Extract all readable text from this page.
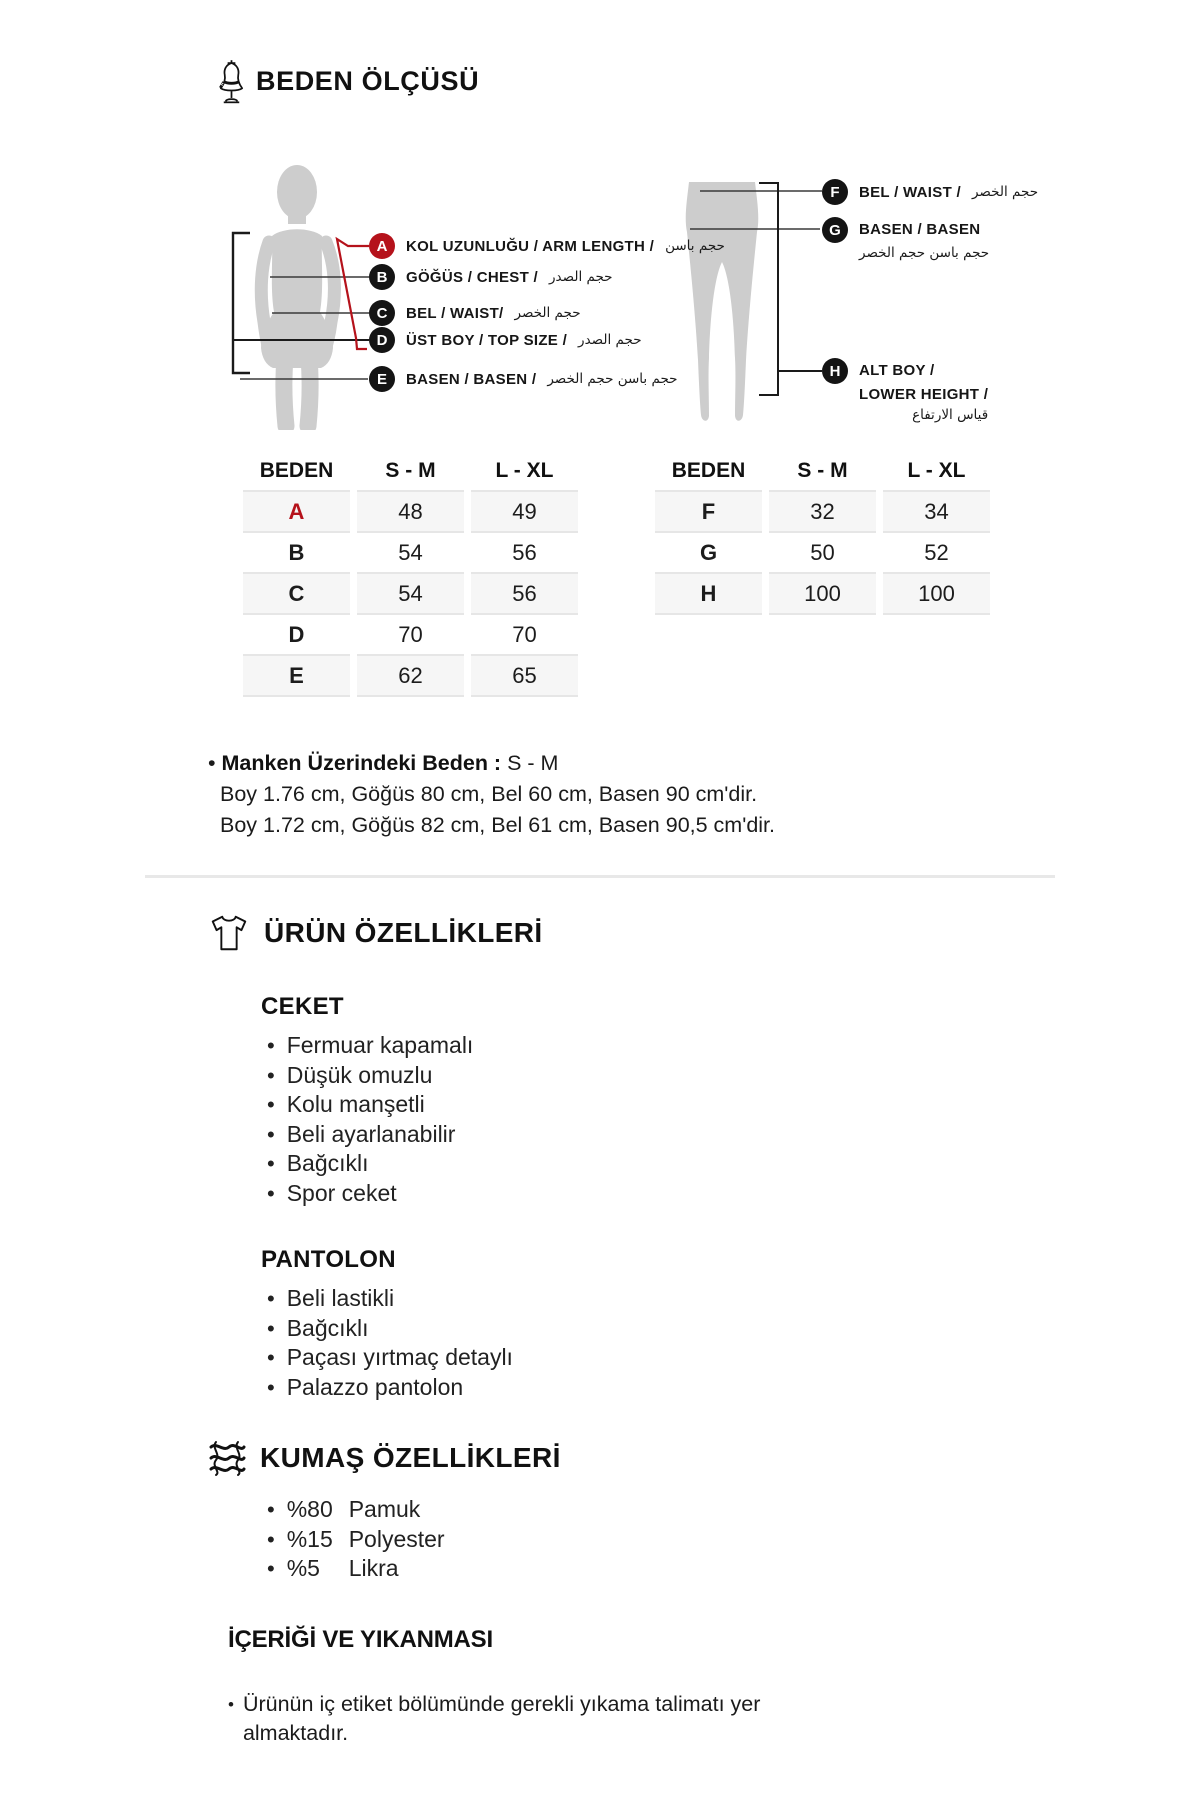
BEDEN ÖLÇÜSÜ
A	KOL UZUNLUĞU / ARM LENGTH / حجم باسن
B	GÖĞÜS / CHEST / حجم الصدر
C	BEL / WAIST/ حجم الخصر
D	ÜST BOY / TOP SIZE / حجم الصدر
E	BASEN / BASEN / حجم باسن حجم الخصر
F	BEL / WAIST / حجم الخصر
G	BASEN / BASEN
حجم باسن حجم الخصر
H	ALT BOY /
LOWER HEIGHT /
قياس الارتفاع
BEDEN	S - M	L - XL
A	48	49
B	54	56
C	54	56
D	70	70
E	62	65
BEDEN	S - M	L - XL
F	32	34
G	50	52
H	100	100

• Manken Üzerindeki Beden : S - M

Boy 1.76 cm, Göğüs 80 cm, Bel 60 cm, Basen 90 cm'dir.

Boy 1.72 cm, Göğüs 82 cm, Bel 61 cm, Basen 90,5 cm'dir.

ÜRÜN ÖZELLİKLERİ
CEKET
• Fermuar kapamalı
• Düşük omuzlu
• Kolu manşetli
• Beli ayarlanabilir
• Bağcıklı
• Spor ceket
PANTOLON
• Beli lastikli
• Bağcıklı
• Paçası yırtmaç detaylı
• Palazzo pantolon
KUMAŞ ÖZELLİKLERİ
• %80 Pamuk
• %15 Polyester
• %5	Likra
İÇERİĞİ VE YIKANMASI
• Ürünün iç etiket bölümünde gerekli yıkama talimatı yer almaktadır.
